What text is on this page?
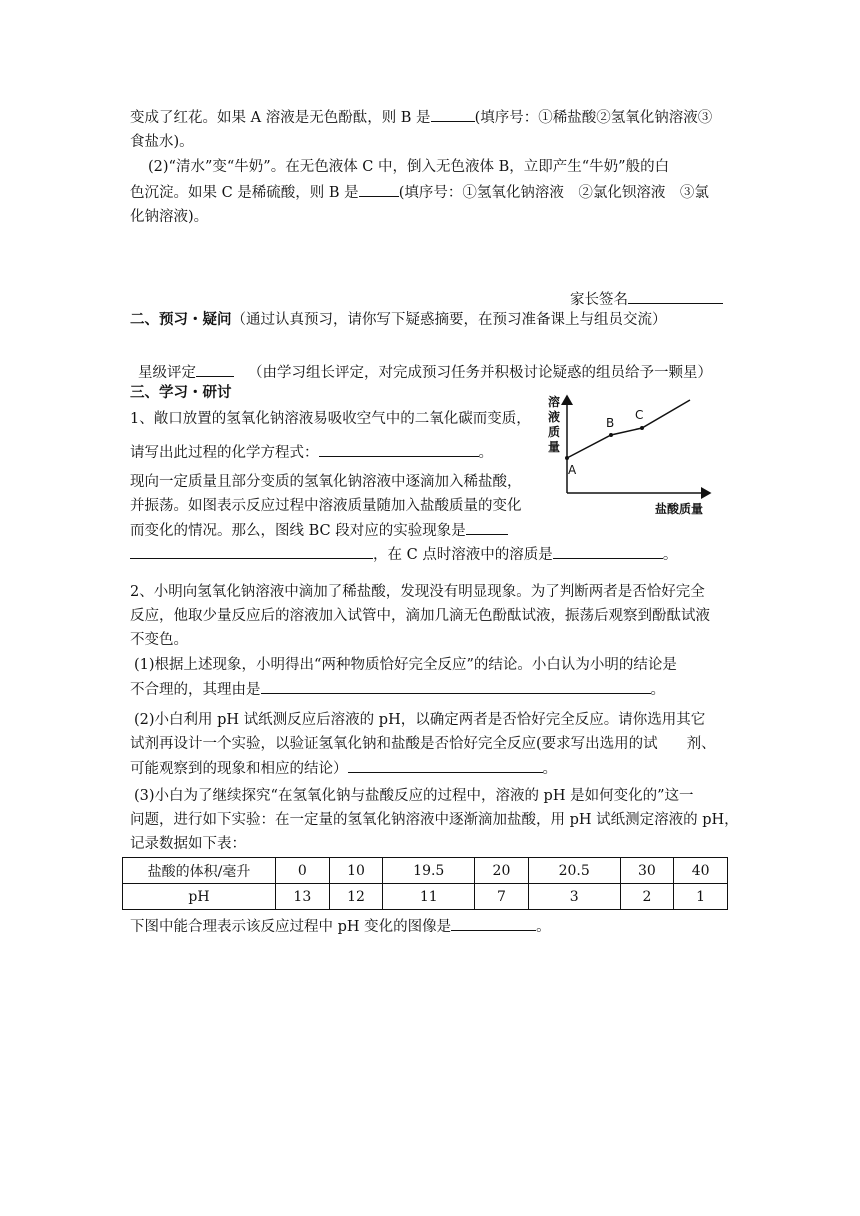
变成了红花。如果 A 溶液是无色酚酞，则 B 是	(填序号：①稀盐酸②氢氧化钠溶液③
食盐水)。
(2)“清水”变“牛奶”。在无色液体 C 中，倒入无色液体 B，立即产生“牛奶”般的白
色沉淀。如果 C 是稀硫酸，则 B 是	(填序号：①氢氧化钠溶液　②氯化钡溶液　③氯
化钠溶液)。
家长签名
二、预习・疑问（通过认真预习，请你写下疑惑摘要，在预习准备课上与组员交流）
星级评定	（由学习组长评定，对完成预习任务并积极讨论疑惑的组员给予一颗星）
三、学习・研讨
1、敞口放置的氢氧化钠溶液易吸收空气中的二氧化碳而变质，
请写出此过程的化学方程式：	。
现向一定质量且部分变质的氢氧化钠溶液中逐滴加入稀盐酸，
并振荡。如图表示反应过程中溶液质量随加入盐酸质量的变化
而变化的情况。那么，图线 BC 段对应的实验现象是
，在 C 点时溶液中的溶质是	。
溶
液
质
量
盐酸质量
A
B
C
2、小明向氢氧化钠溶液中滴加了稀盐酸，发现没有明显现象。为了判断两者是否恰好完全
反应，他取少量反应后的溶液加入试管中，滴加几滴无色酚酞试液，振荡后观察到酚酞试液
不变色。
(1)根据上述现象，小明得出“两种物质恰好完全反应”的结论。小白认为小明的结论是
不合理的，其理由是	。
(2)小白利用 pH 试纸测反应后溶液的 pH，以确定两者是否恰好完全反应。请你选用其它
试剂再设计一个实验，以验证氢氧化钠和盐酸是否恰好完全反应(要求写出选用的试　　剂、
可能观察到的现象和相应的结论）	。
(3)小白为了继续探究“在氢氧化钠与盐酸反应的过程中，溶液的 pH 是如何变化的”这一
问题，进行如下实验：在一定量的氢氧化钠溶液中逐渐滴加盐酸，用 pH 试纸测定溶液的 pH，
记录数据如下表：
盐酸的体积/毫升	0	10	19.5	20	20.5	30	40
pH	13	12	11	7	3	2	1
下图中能合理表示该反应过程中 pH 变化的图像是	。
